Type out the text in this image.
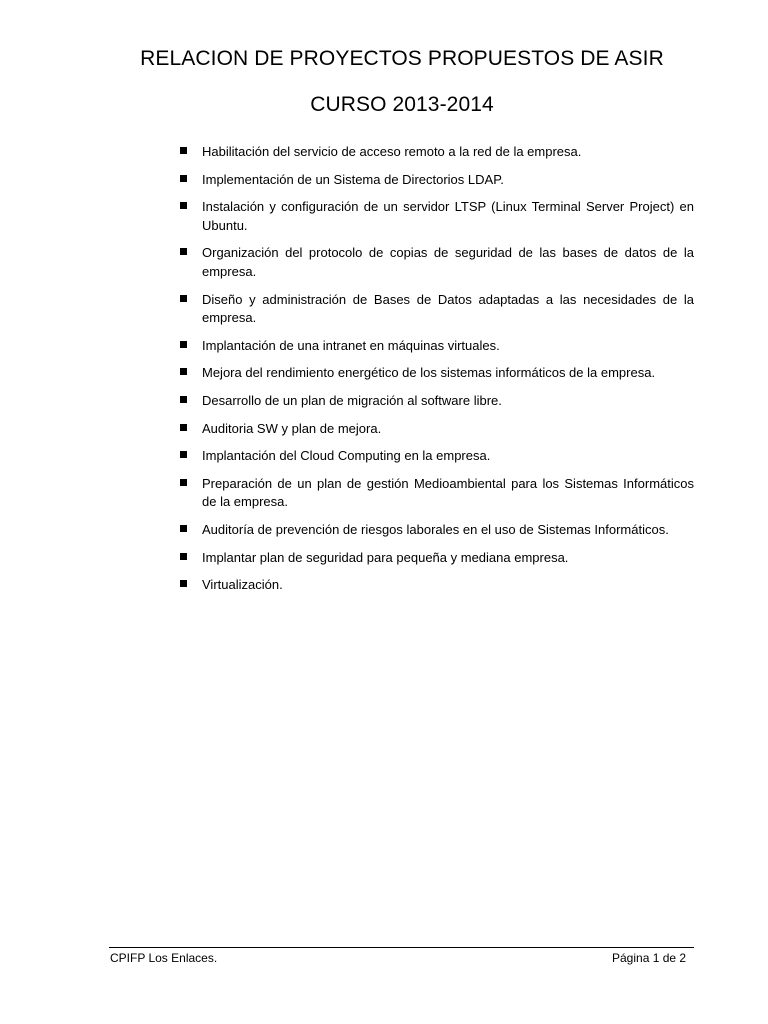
RELACION DE PROYECTOS PROPUESTOS DE ASIR
CURSO 2013-2014
Habilitación del servicio de acceso remoto a la red de la empresa.
Implementación de un Sistema de Directorios LDAP.
Instalación y configuración de un servidor LTSP (Linux Terminal Server Project) en Ubuntu.
Organización del protocolo de copias de seguridad de las bases de datos de la empresa.
Diseño y administración de Bases de Datos adaptadas a las necesidades de la empresa.
Implantación de una intranet en máquinas virtuales.
Mejora del rendimiento energético de los sistemas informáticos de la empresa.
Desarrollo de un plan de migración al software libre.
Auditoria SW y plan de mejora.
Implantación del Cloud Computing en la empresa.
Preparación de un plan de gestión Medioambiental para los Sistemas Informáticos de la empresa.
Auditoría de prevención de riesgos laborales en el uso de Sistemas Informáticos.
Implantar plan de seguridad para pequeña y mediana empresa.
Virtualización.
CPIFP Los Enlaces.	Página 1 de 2
